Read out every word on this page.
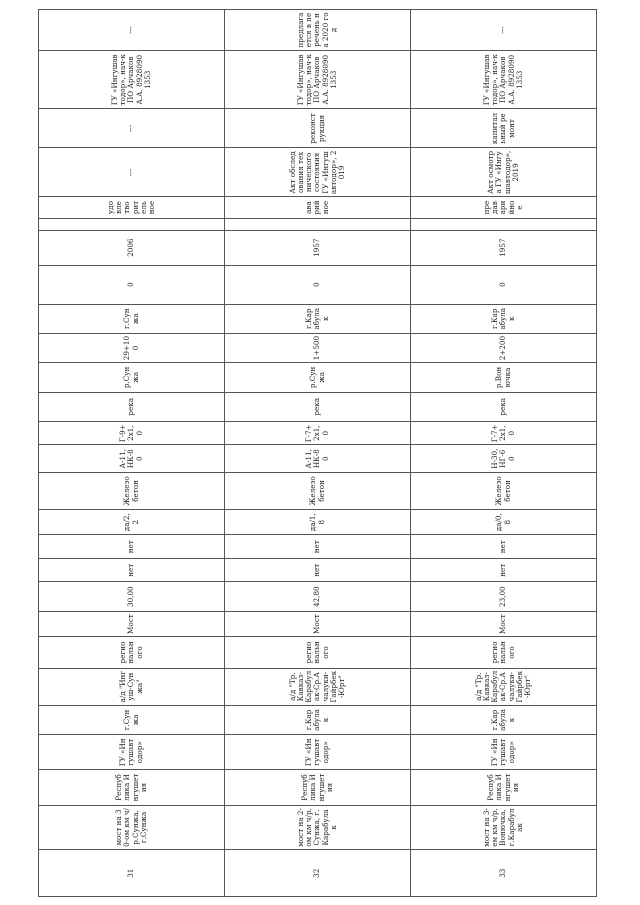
31	мост на 30-ом км ч/р.Сунжа, г.Сунжа	Республика Ингушетия	ГУ «Ингушавтодор»	г.Сунжа	а/д "Ингуш-Сунжа"	регионального	Мост	30,00	нет	нет	да/2,2	Железобетон	А-11, НК-80	Г-9+2х1,0	река	р.Сунжа	29+100	г.Сунжа	0	2006		удовлетворительное	---	---	ГУ «Ингушавтодор», нач-к ПО Арчаков А.А. 89280901353	---
32	мост на 2-ом км ч/р.Сунжа, г.Карабулак	Республика Ингушетия	ГУ «Ингушавтодор»	г.Карабулак	а/д "Тр.Кавказ-Карабулак-Ср.Ачалуки-Гайрбек-Юрт"	регионального	Мост	42,80	нет	нет	да/1,8	Железобетон	А-11, НК-80	Г-7+2х1,0	река	р.Сунжа	1+500	г.Карабулак	0	1957		аварийное	Акт обследования технического состояния ГУ «Ингушавтодор», 2019	реконструкция	ГУ «Ингушавтодор», нач-к ПО Арчаков А.А. 89280901353	предлагается в перечень на 2020 год
33	мост на 3-ем км ч/р.Вонючка, г.Карабулак	Республика Ингушетия	ГУ «Ингушавтодор»	г.Карабулак	а/д "Тр.Кавказ-Карабулак-Ср.Ачалуки-Гайрбек-Юрт"	регионального	Мост	23,00	нет	нет	да/0,8	Железобетон	Н-30, НГ-60	Г-7+2х1,0	река	р.Вонючка	2+200	г.Карабулак	0	1957		предаварийное	Акт осмотра ГУ «Ингушавтодор», 2019	капитальный ремонт	ГУ «Ингушавтодор», нач-к ПО Арчаков А.А. 89280901353	---
